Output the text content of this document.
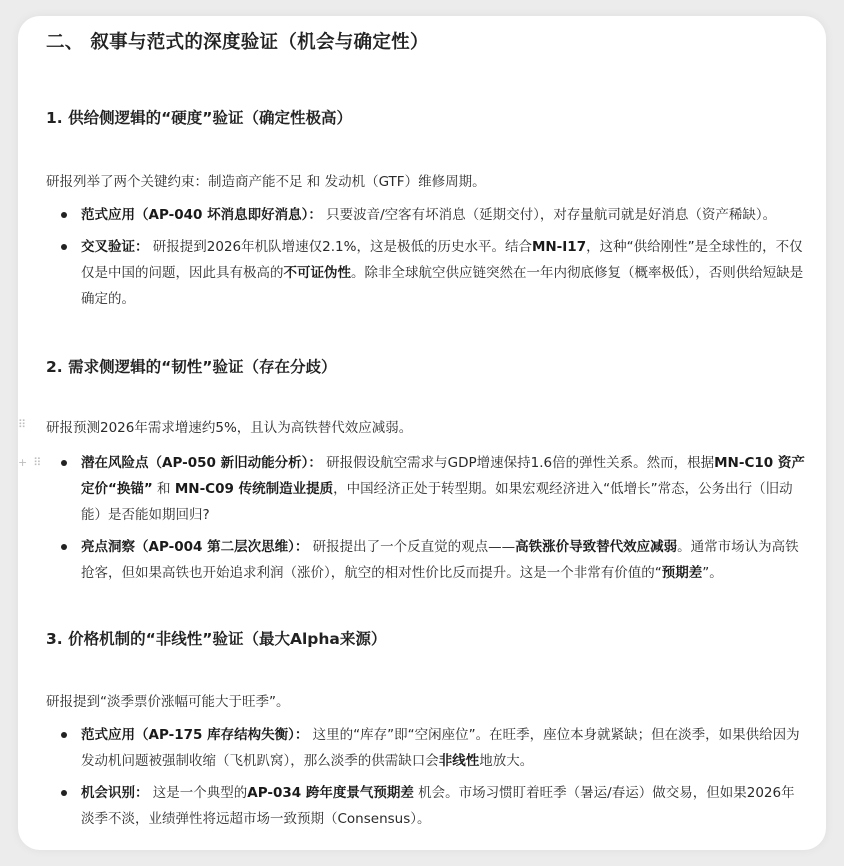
二、 叙事与范式的深度验证（机会与确定性）
1. 供给侧逻辑的“硬度”验证（确定性极高）

研报列举了两个关键约束：制造商产能不足 和 发动机（GTF）维修周期。

范式应用（AP-040 坏消息即好消息）： 只要波音/空客有坏消息（延期交付），对存量航司就是好消息（资产稀缺）。
交叉验证： 研报提到2026年机队增速仅2.1%，这是极低的历史水平。结合MN-I17，这种“供给刚性”是全球性的，不仅仅是中国的问题，因此具有极高的不可证伪性。除非全球航空供应链突然在一年内彻底修复（概率极低），否则供给短缺是确定的。
2. 需求侧逻辑的“韧性”验证（存在分歧）
⠿	研报预测2026年需求增速约5%，且认为高铁替代效应减弱。

+ ⠿	潜在风险点（AP-050 新旧动能分析）： 研报假设航空需求与GDP增速保持1.6倍的弹性关系。然而，根据MN-C10 资产定价“换锚” 和 MN-C09 传统制造业提质，中国经济正处于转型期。如果宏观经济进入“低增长”常态，公务出行（旧动能）是否能如期回归?
亮点洞察（AP-004 第二层次思维）： 研报提出了一个反直觉的观点——高铁涨价导致替代效应减弱。通常市场认为高铁抢客，但如果高铁也开始追求利润（涨价），航空的相对性价比反而提升。这是一个非常有价值的“预期差”。
3. 价格机制的“非线性”验证（最大Alpha来源）

研报提到“淡季票价涨幅可能大于旺季”。

范式应用（AP-175 库存结构失衡）： 这里的“库存”即“空闲座位”。在旺季，座位本身就紧缺；但在淡季，如果供给因为发动机问题被强制收缩（飞机趴窝），那么淡季的供需缺口会非线性地放大。
机会识别： 这是一个典型的AP-034 跨年度景气预期差 机会。市场习惯盯着旺季（暑运/春运）做交易，但如果2026年淡季不淡，业绩弹性将远超市场一致预期（Consensus）。
